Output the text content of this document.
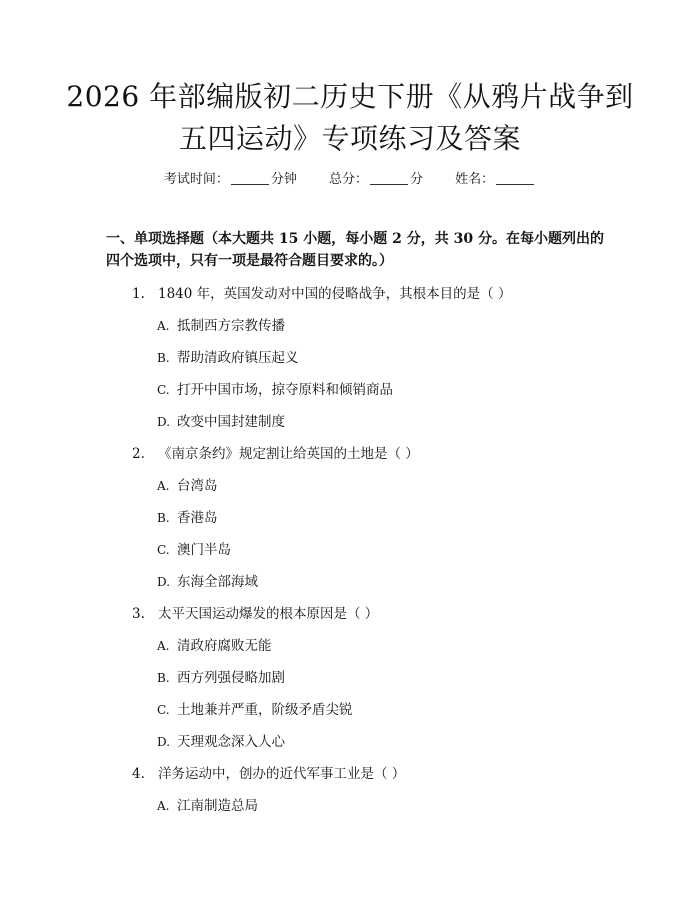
2026 年部编版初二历史下册《从鸦片战争到
五四运动》专项练习及答案
考试时间：	分钟 总分：	分 姓名：
一、单项选择题（本大题共 15 小题，每小题 2 分，共 30 分。在每小题列出的四个选项中，只有一项是最符合题目要求的。）
1. 1840 年，英国发动对中国的侵略战争，其根本目的是（ ）
A. 抵制西方宗教传播
B. 帮助清政府镇压起义
C. 打开中国市场，掠夺原料和倾销商品
D. 改变中国封建制度
2. 《南京条约》规定割让给英国的土地是（ ）
A. 台湾岛
B. 香港岛
C. 澳门半岛
D. 东海全部海域
3. 太平天国运动爆发的根本原因是（ ）
A. 清政府腐败无能
B. 西方列强侵略加剧
C. 土地兼并严重，阶级矛盾尖锐
D. 天理观念深入人心
4. 洋务运动中，创办的近代军事工业是（ ）
A. 江南制造总局
